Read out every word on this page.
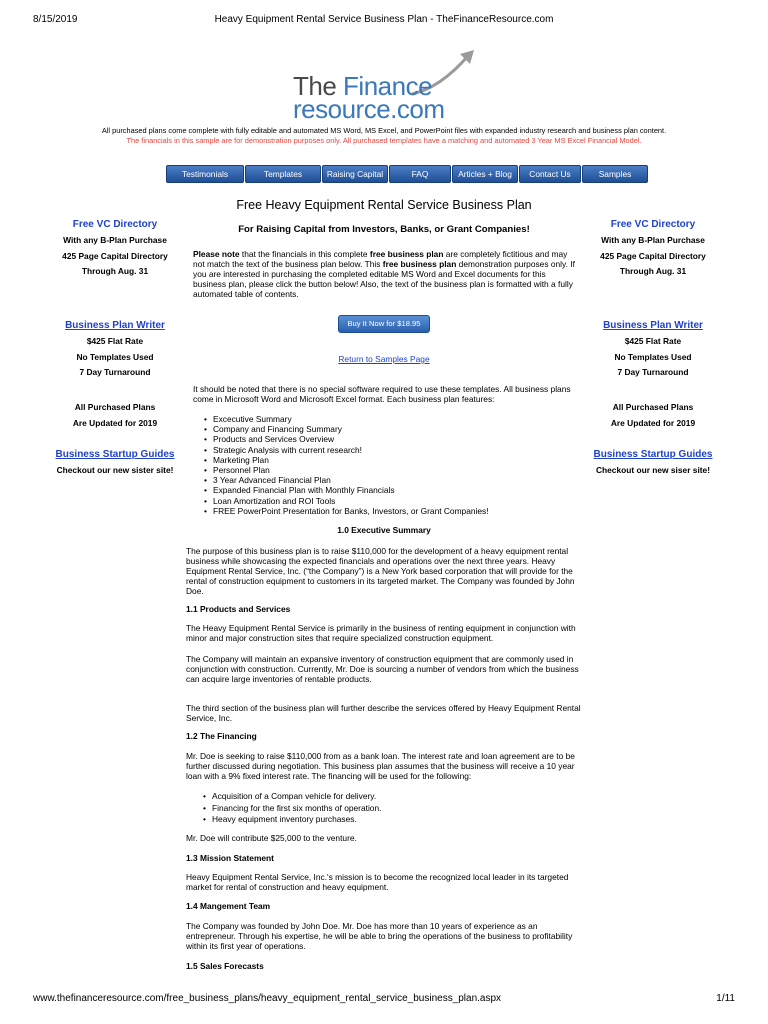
8/15/2019	Heavy Equipment Rental Service Business Plan - TheFinanceResource.com
The Finance
resource.com
All purchased plans come complete with fully editable and automated MS Word, MS Excel, and PowerPoint files with expanded industry research and business plan content.
The financials in this sample are for demonstration purposes only. All purchased templates have a matching and automated 3 Year MS Excel Financial Model.
Testimonials	Templates	Raising Capital	FAQ	Articles + Blog	Contact Us	Samples
Free Heavy Equipment Rental Service Business Plan
Free VC Directory
With any B-Plan Purchase
425 Page Capital Directory
Through Aug. 31
Business Plan Writer
$425 Flat Rate
No Templates Used
7 Day Turnaround
All Purchased Plans
Are Updated for 2019
Business Startup Guides
Checkout our new sister site!
Free VC Directory
With any B-Plan Purchase
425 Page Capital Directory
Through Aug. 31
Business Plan Writer
$425 Flat Rate
No Templates Used
7 Day Turnaround
All Purchased Plans
Are Updated for 2019
Business Startup Guides
Checkout our new siser site!
For Raising Capital from Investors, Banks, or Grant Companies!
Please note that the financials in this complete free business plan are completely fictitious and may not match the text of the business plan below. This free business plan demonstration purposes only. If you are interested in purchasing the completed editable MS Word and Excel documents for this business plan, please click the button below! Also, the text of the business plan is formatted with a fully automated table of contents.
Buy It Now for $18.95
Return to Samples Page
It should be noted that there is no special software required to use these templates. All business plans come in Microsoft Word and Microsoft Excel format. Each business plan features:
• Excecutive Summary
• Company and Financing Summary
• Products and Services Overview
• Strategic Analysis with current research!
• Marketing Plan
• Personnel Plan
• 3 Year Advanced Financial Plan
• Expanded Financial Plan with Monthly Financials
• Loan Amortization and ROI Tools
• FREE PowerPoint Presentation for Banks, Investors, or Grant Companies!
1.0 Executive Summary
The purpose of this business plan is to raise $110,000 for the development of a heavy equipment rental business while showcasing the expected financials and operations over the next three years. Heavy Equipment Rental Service, Inc. (“the Company”) is a New York based corporation that will provide for the rental of construction equipment to customers in its targeted market. The Company was founded by John Doe.
1.1 Products and Services
The Heavy Equipment Rental Service is primarily in the business of renting equipment in conjunction with minor and major construction sites that require specialized construction equipment.
The Company will maintain an expansive inventory of construction equipment that are commonly used in conjunction with construction. Currently, Mr. Doe is sourcing a number of vendors from which the business can acquire large inventories of rentable products.
The third section of the business plan will further describe the services offered by Heavy Equipment Rental Service, Inc.
1.2 The Financing
Mr. Doe is seeking to raise $110,000 from as a bank loan. The interest rate and loan agreement are to be further discussed during negotiation. This business plan assumes that the business will receive a 10 year loan with a 9% fixed interest rate. The financing will be used for the following:
• Acquisition of a Compan vehicle for delivery.
• Financing for the first six months of operation.
• Heavy equipment inventory purchases.
Mr. Doe will contribute $25,000 to the venture.
1.3 Mission Statement
Heavy Equipment Rental Service, Inc.'s mission is to become the recognized local leader in its targeted market for rental of construction and heavy equipment.
1.4 Mangement Team
The Company was founded by John Doe. Mr. Doe has more than 10 years of experience as an entrepreneur. Through his expertise, he will be able to bring the operations of the business to profitability within its first year of operations.
1.5 Sales Forecasts
www.thefinanceresource.com/free_business_plans/heavy_equipment_rental_service_business_plan.aspx	1/11
